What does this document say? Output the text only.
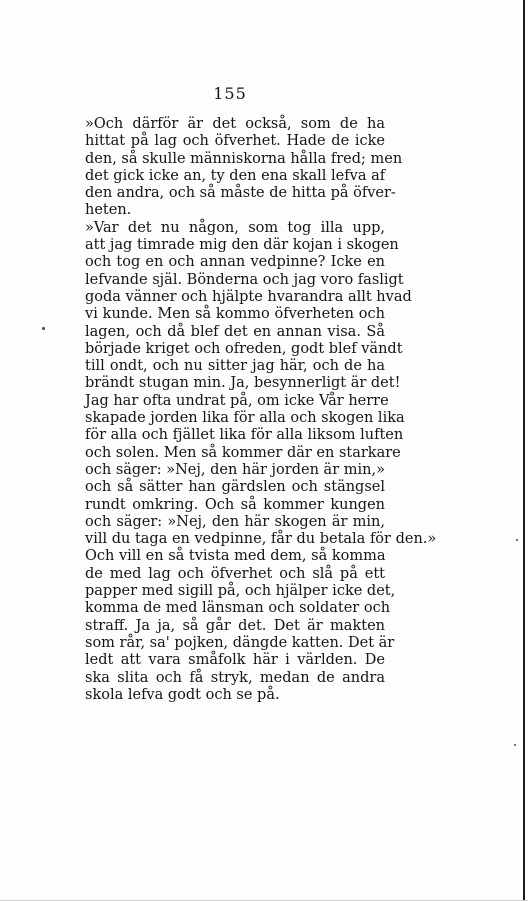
155
»Och därför är det också, som de ha
hittat på lag och öfverhet. Hade de icke
den, så skulle människorna hålla fred; men
det gick icke an, ty den ena skall lefva af
den andra, och så måste de hitta på öfver-
heten.
»Var det nu någon, som tog illa upp,
att jag timrade mig den där kojan i skogen
och tog en och annan vedpinne? Icke en
lefvande själ. Bönderna och jag voro fasligt
goda vänner och hjälpte hvarandra allt hvad
vi kunde. Men så kommo öfverheten och
lagen, och då blef det en annan visa. Så
började kriget och ofreden, godt blef vändt
till ondt, och nu sitter jag här, och de ha
brändt stugan min. Ja, besynnerligt är det!
Jag har ofta undrat på, om icke Vår herre
skapade jorden lika för alla och skogen lika
för alla och fjället lika för alla liksom luften
och solen. Men så kommer där en starkare
och säger: »Nej, den här jorden är min,»
och så sätter han gärdslen och stängsel
rundt omkring. Och så kommer kungen
och säger: »Nej, den här skogen är min,
vill du taga en vedpinne, får du betala för den.»
Och vill en så tvista med dem, så komma
de med lag och öfverhet och slå på ett
papper med sigill på, och hjälper icke det,
komma de med länsman och soldater och
straff. Ja ja, så går det. Det är makten
som rår, sa' pojken, dängde katten. Det är
ledt att vara småfolk här i världen. De
ska slita och få stryk, medan de andra
skola lefva godt och se på.
